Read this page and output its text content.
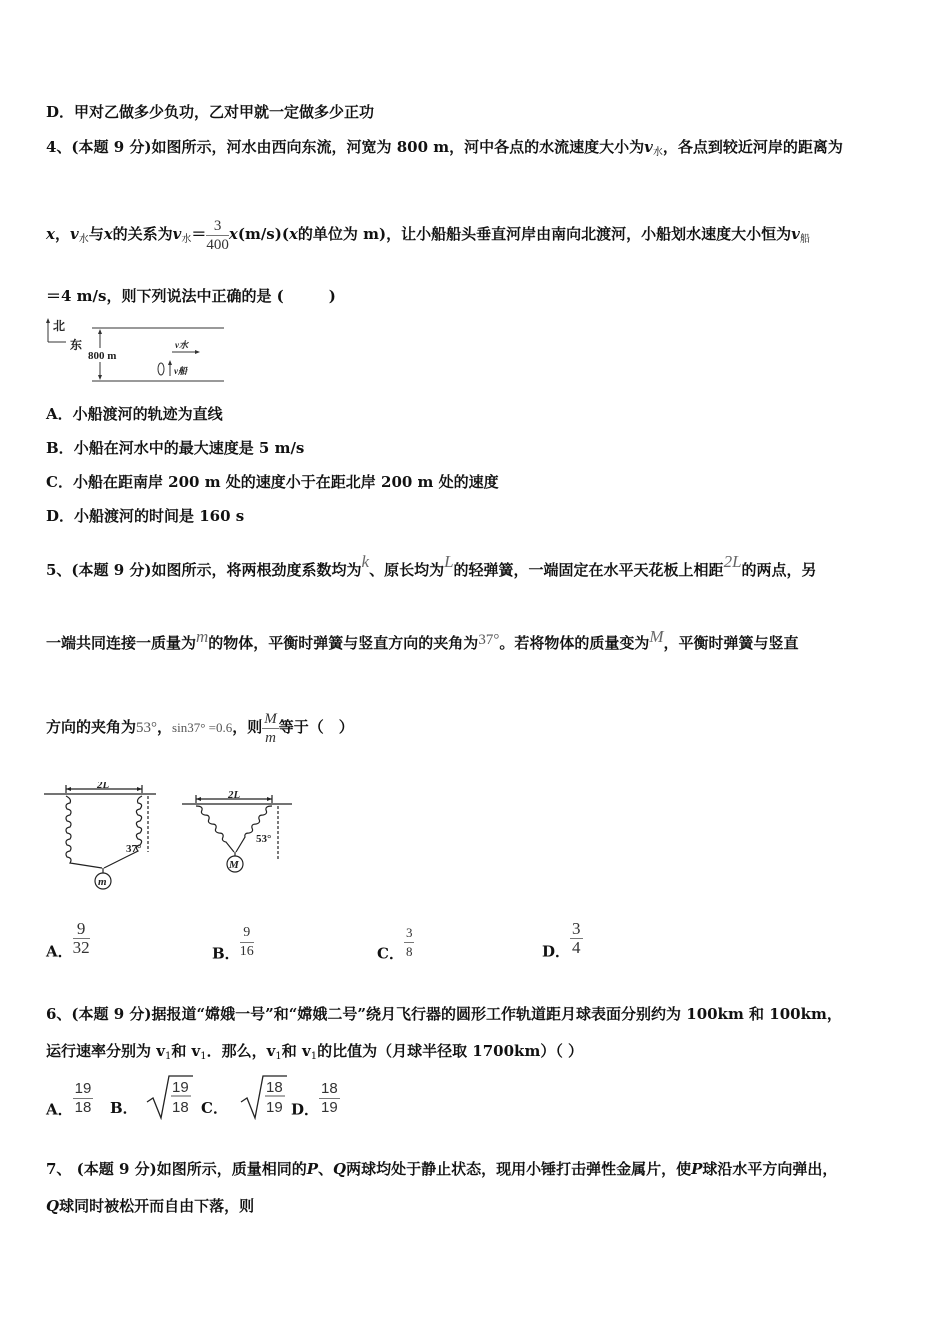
D．甲对乙做多少负功，乙对甲就一定做多少正功
4、(本题 9 分)如图所示，河水由西向东流，河宽为 800 m，河中各点的水流速度大小为$v_水$，各点到较近河岸的距离为
x，$v_水$与x的关系为$v_水= \frac{3}{400} x(m/s)(x$的单位为 m)，让小船船头垂直河岸由南向北渡河，小船划水速度大小恒为$v_船$
＝4 m/s，则下列说法中正确的是 (　　　)
北
东
800 m
v水
v船
A．小船渡河的轨迹为直线
B．小船在河水中的最大速度是 5 m/s
C．小船在距南岸 200 m 处的速度小于在距北岸 200 m 处的速度
D．小船渡河的时间是 160 s
5、(本题 9 分)如图所示，将两根劲度系数均为k、原长均为L的轻弹簧，一端固定在水平天花板上相距2L的两点，另
一端共同连接一质量为m的物体，平衡时弹簧与竖直方向的夹角为37°。若将物体的质量变为M，平衡时弹簧与竖直
方向的夹角为53°，sin37° =0.6，则 $\frac{M}{m}$ 等于（　）
2L
37°
m
2L
53°
M
A． $\frac{9}{32}$	B． $\frac{9}{16}$	C． $\frac{3}{8}$	D． $\frac{3}{4}$
6、(本题 9 分)据报道“嫦娥一号”和“嫦娥二号”绕月飞行器的圆形工作轨道距月球表面分别约为 100km 和 100km，
运行速率分别为 $v_1$和 $v_1$．那么，$v_1$和 $v_1$的比值为（月球半径取 1700km）（ ）
A． $\frac{19}{18}$ B．
19
18 C．
18
19 D． $\frac{18}{19}$
7、 (本题 9 分)如图所示，质量相同的P、Q两球均处于静止状态，现用小锤打击弹性金属片，使P球沿水平方向弹出，
Q球同时被松开而自由下落，则
